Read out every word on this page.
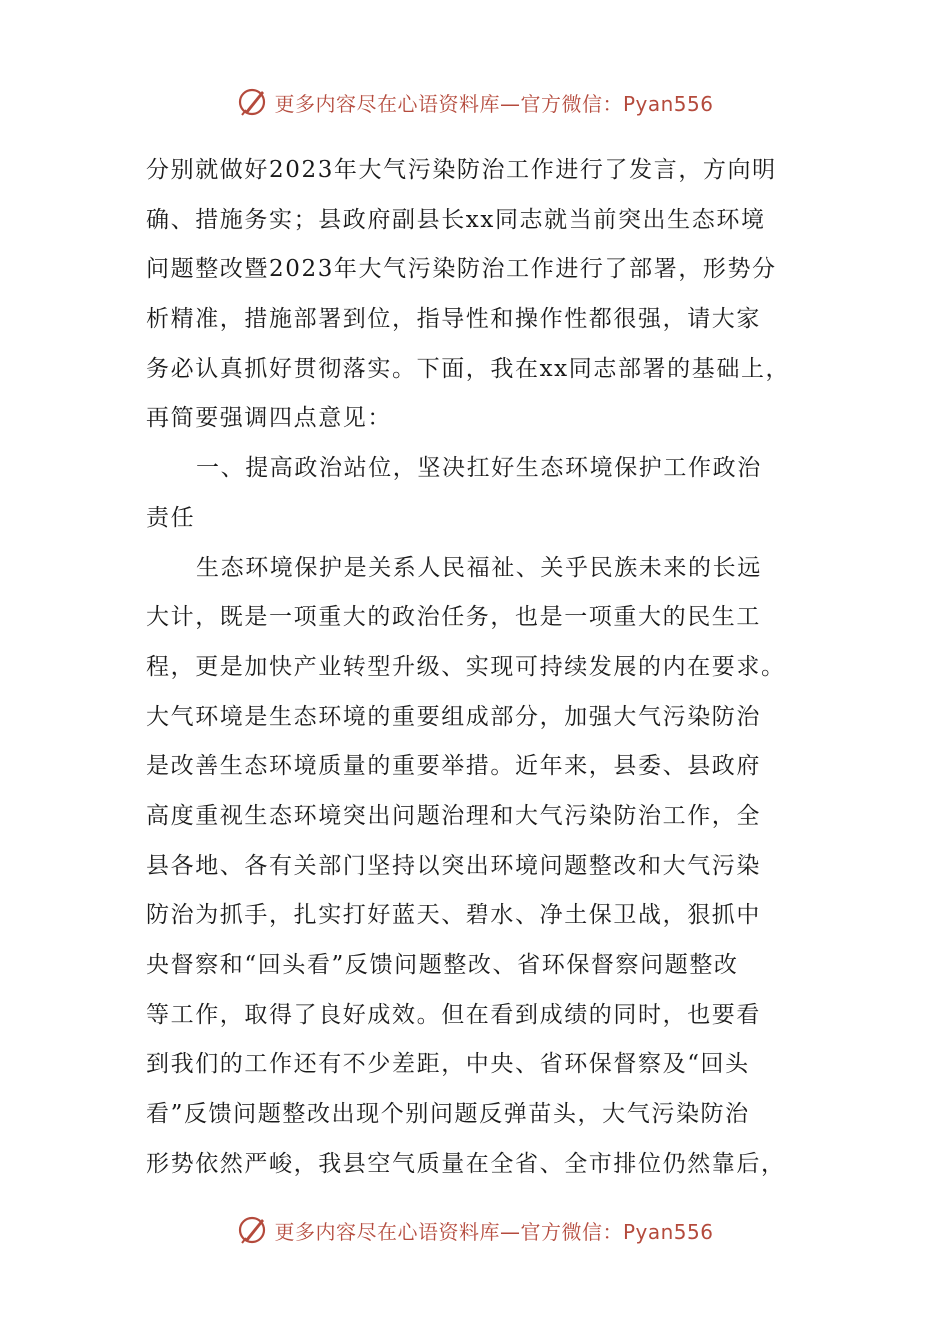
更多内容尽在心语资料库—官方微信：Pyan556
分别就做好2023年大气污染防治工作进行了发言，方向明
确、措施务实；县政府副县长xx同志就当前突出生态环境
问题整改暨2023年大气污染防治工作进行了部署，形势分
析精准，措施部署到位，指导性和操作性都很强，请大家
务必认真抓好贯彻落实。下面，我在xx同志部署的基础上，
再简要强调四点意见：
一、提高政治站位，坚决扛好生态环境保护工作政治
责任
生态环境保护是关系人民福祉、关乎民族未来的长远
大计，既是一项重大的政治任务，也是一项重大的民生工
程，更是加快产业转型升级、实现可持续发展的内在要求。
大气环境是生态环境的重要组成部分，加强大气污染防治
是改善生态环境质量的重要举措。近年来，县委、县政府
高度重视生态环境突出问题治理和大气污染防治工作，全
县各地、各有关部门坚持以突出环境问题整改和大气污染
防治为抓手，扎实打好蓝天、碧水、净土保卫战，狠抓中
央督察和“回头看”反馈问题整改、省环保督察问题整改
等工作，取得了良好成效。但在看到成绩的同时，也要看
到我们的工作还有不少差距，中央、省环保督察及“回头
看”反馈问题整改出现个别问题反弹苗头，大气污染防治
形势依然严峻，我县空气质量在全省、全市排位仍然靠后，
更多内容尽在心语资料库—官方微信：Pyan556
